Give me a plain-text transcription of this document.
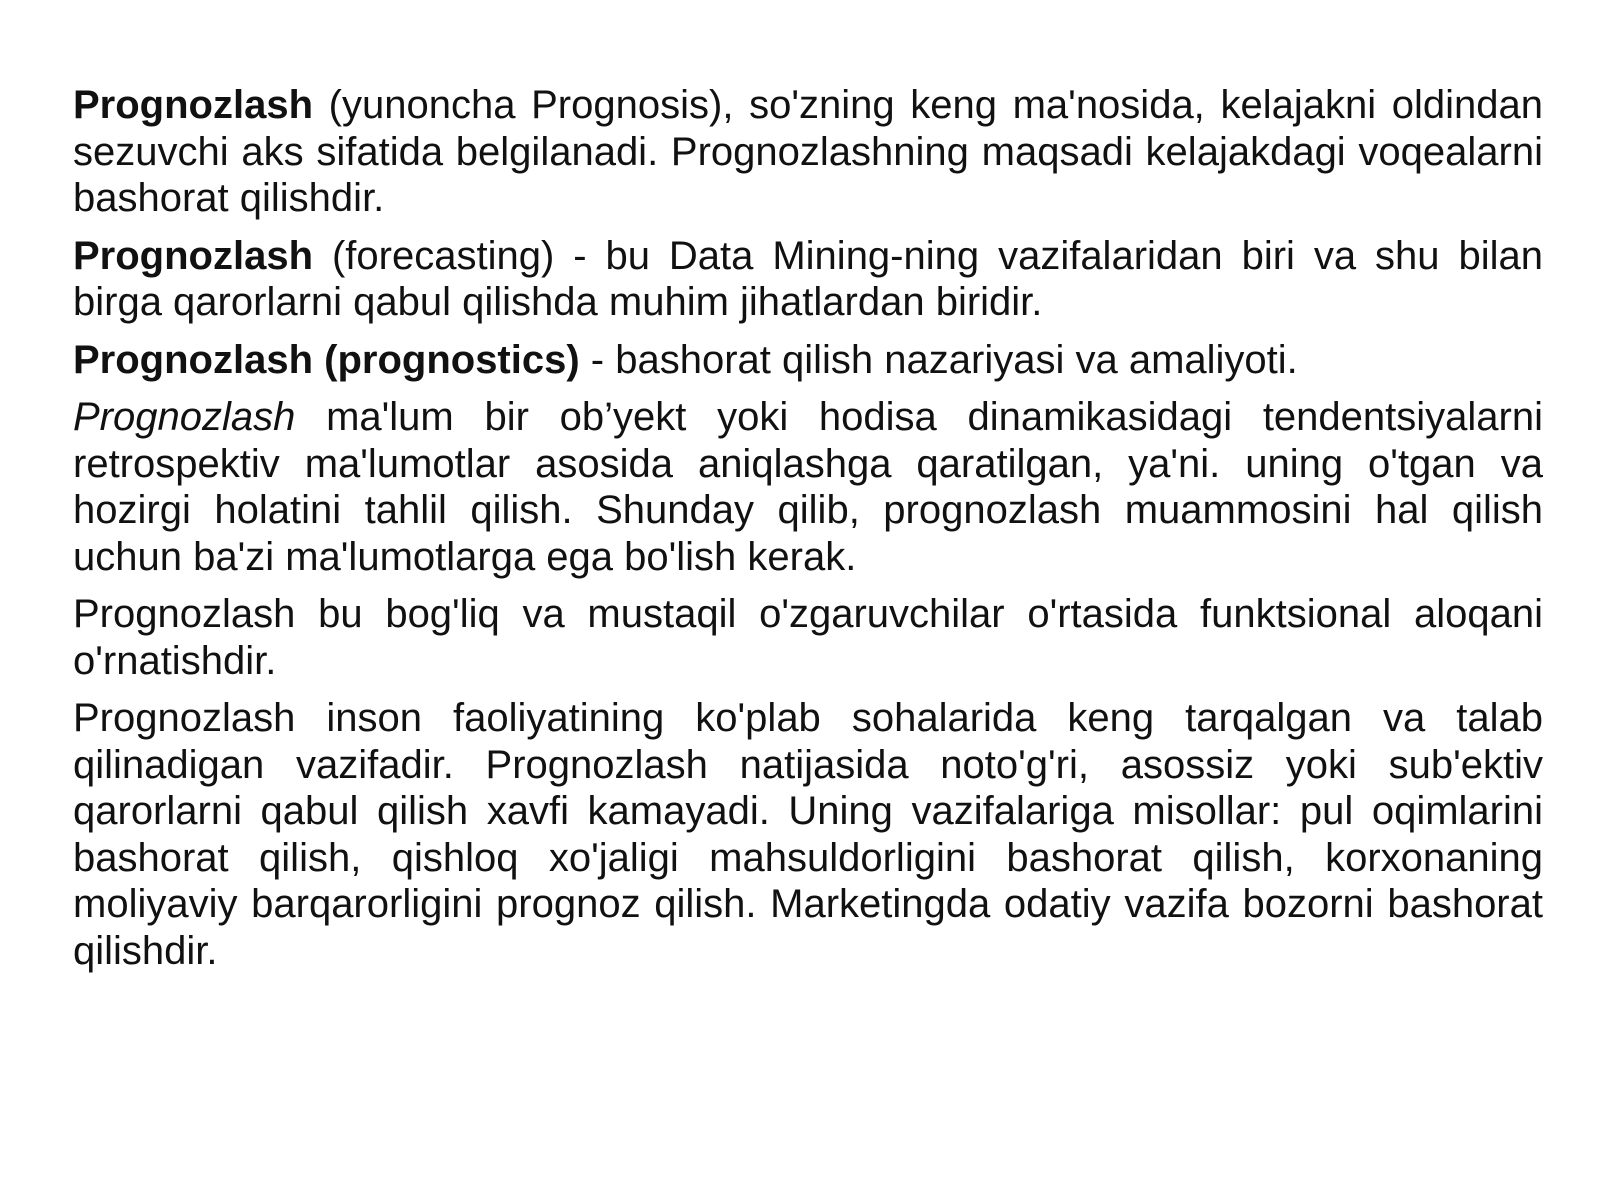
Prognozlash (yunoncha Prognosis), so'zning keng ma'nosida, kelajakni oldindan sezuvchi aks sifatida belgilanadi. Prognozlashning maqsadi kelajakdagi voqealarni bashorat qilishdir.

Prognozlash (forecasting) - bu Data Mining-ning vazifalaridan biri va shu bilan birga qarorlarni qabul qilishda muhim jihatlardan biridir.

Prognozlash (prognostics) - bashorat qilish nazariyasi va amaliyoti.

Prognozlash ma'lum bir ob’yekt yoki hodisa dinamikasidagi tendentsiyalarni retrospektiv ma'lumotlar asosida aniqlashga qaratilgan, ya'ni. uning o'tgan va hozirgi holatini tahlil qilish. Shunday qilib, prognozlash muammosini hal qilish uchun ba'zi ma'lumotlarga ega bo'lish kerak.

Prognozlash bu bog'liq va mustaqil o'zgaruvchilar o'rtasida funktsional aloqani o'rnatishdir.

Prognozlash inson faoliyatining ko'plab sohalarida keng tarqalgan va talab qilinadigan vazifadir. Prognozlash natijasida noto'g'ri, asossiz yoki sub'ektiv qarorlarni qabul qilish xavfi kamayadi. Uning vazifalariga misollar: pul oqimlarini bashorat qilish, qishloq xo'jaligi mahsuldorligini bashorat qilish, korxonaning moliyaviy barqarorligini prognoz qilish. Marketingda odatiy vazifa bozorni bashorat qilishdir.
